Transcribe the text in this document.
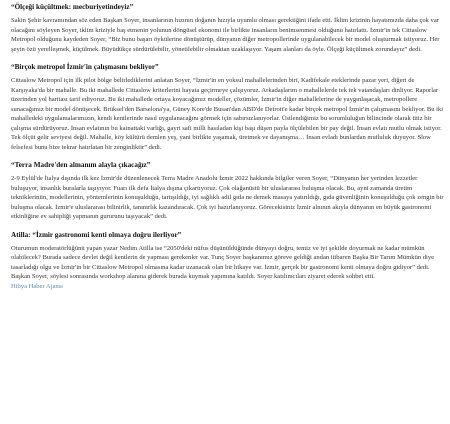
“Ölçeği küçültmek: mecburiyetindeyiz”

Sakin Şehir kavramından söz eden Başkan Soyer, insanlarının hızının doğanın hızıyla uyumlu olması gerektiğini ifade etti. İklim krizinin hayatımızda daha çok var olacağını söyleyen Soyer, iklim kriziyle baş etmenin yolunun döngüsel ekonomi ile birlikte insanların benimsenmesi olduğunu hatırlattı. İzmir'in tek Cittaslow Metropol olduğunu kaydeden Soyer, “Biz bunu başarı öykülerine dönüştürüp, dünyanın diğer metropollerinde uygulanabilecek bir model oluşturmak istiyoruz. Her şeyin özü yerelleşmek, küçülmek. Büyüdükçe sürdürülebilir, yönetilebilir olmaktan uzaklaşıyor. Yaşam alanları da öyle. Ölçeği küçültmek zorundayız” dedi.

“Birçok metropol İzmir'in çalışmasını bekliyor”

Cittaslow Metropol için ilk pilot bölge belirlediklerini anlatan Soyer, “İzmir'in en yoksul mahallelerinden biri, Kadifekale eteklerinde pazar yeri, diğeri de Karşıyaka'da bir mahalle. Bu iki mahallede Cittaslow kriterlerini hayata geçirmeye çalışıyoruz. Arkadaşlarım o mahallelerde tek tek vatandaşları dinliyor. Raporlar üzerinden yol haritası tarif ediyoruz. Bu iki mahallede ortaya koyacağımız modeller, çözümler, İzmir'in diğer mahallelerine de yaygınlaşacak, metropollere sunacağımız bir model dönüşecek. Brüksel'den Barselona'ya, Güney Kore'de Busan'dan ABD'de Detroit'e kadar birçok metropol İzmir'in çalışmasını bekliyor. Bu iki mahalledeki uygulamalarımızın, kendi kentlerinde nasıl uygulanacağını görmek için sabırsızlanıyorlar. Üstlendiğimiz bu sorumluluğun bilincinde olarak titiz bir çalışma sürdürüyoruz. İnsan evlatının bu kainattaki varlığı, gayri safi milli hasıladan kişi başı düşen payla ölçülebilen bir pay değil. İnsan evlatı mutlu olmak istiyor. Tek ölçüt gelir seviyesi değil. Mahalle, köy kültürü demlen yeş, yani birlikte yaşamak, üretmek ve dayanışma… İnsan evladı bunlardan mutluluk duyuyor. Slow felsefesi bunu bize tekrar hatırlatan bir zenginliktir” dedi.

“Terra Madre'den almanım alayla çıkacağız”

2-9 Eylül'de İtalya dışında ilk kez İzmir'de düzenlenecek Terra Madre Anadolu İzmir 2022 hakkında bilgiler veren Soyer, “Dünyanın her yerinden lezzetler buluşuyor, insanlık buralarla taşıyıyor. Fuarı ilk defa İtalya dışına çıkartıyoruz. Çok olağanüstü bir uluslararası buluşma olacak. Bu, ayni zamanda üretim teknikleriniin, modellerinin, yöntemlerinin konuşulduğu, tartışıldığı, iyi sağlıklı adil gıda ne demek masaya yatırıldığı, gıda güvenliğinin konuşulduğu çok zengin bir buluşma olacak. İzmir'e uluslararası bilinirlik, tanınırlık kazandıracak. Çok iyi hazırlanıyoruz. Görecekisiniz İzmir alnının akıyla dünyanın en büyük gastronomi etkinliğine ev sahipliği yapmanın gururunu taşıyacak” dedi.

Atilla: “İzmir gastronomi kenti olmaya doğru ilerliyor”

Oturumun moderatörlüğünü yapan yazar Nedim Atilla ise “2050'deki nüfus düşünüldüğünde dünyayı doğru, temiz ve iyi şekilde doyurmak ne kadar mümkün olabilecek? Burada sadece devlet değil kentlerin de yapması gerekenler var. Tunç Soyer başkanımız göreve geldiği andan itibaren Başka Bir Tarım Mümkün diye tasarladığı olgu ve İzmir'in bir Cittaslow Metropol olmasına kadar uzanacak olan bir hikaye var. İzmir, gerçek bir gastronomi kenti olmaya doğru gidiyor” dedi.

Başkan Soyer, söylesi sonrasında workshop alanına giderek burada kuymak yapımına katıldı. Soyer katılımcıları ziyaret ederek sohbet etti.

Hibya Haber Ajansı
